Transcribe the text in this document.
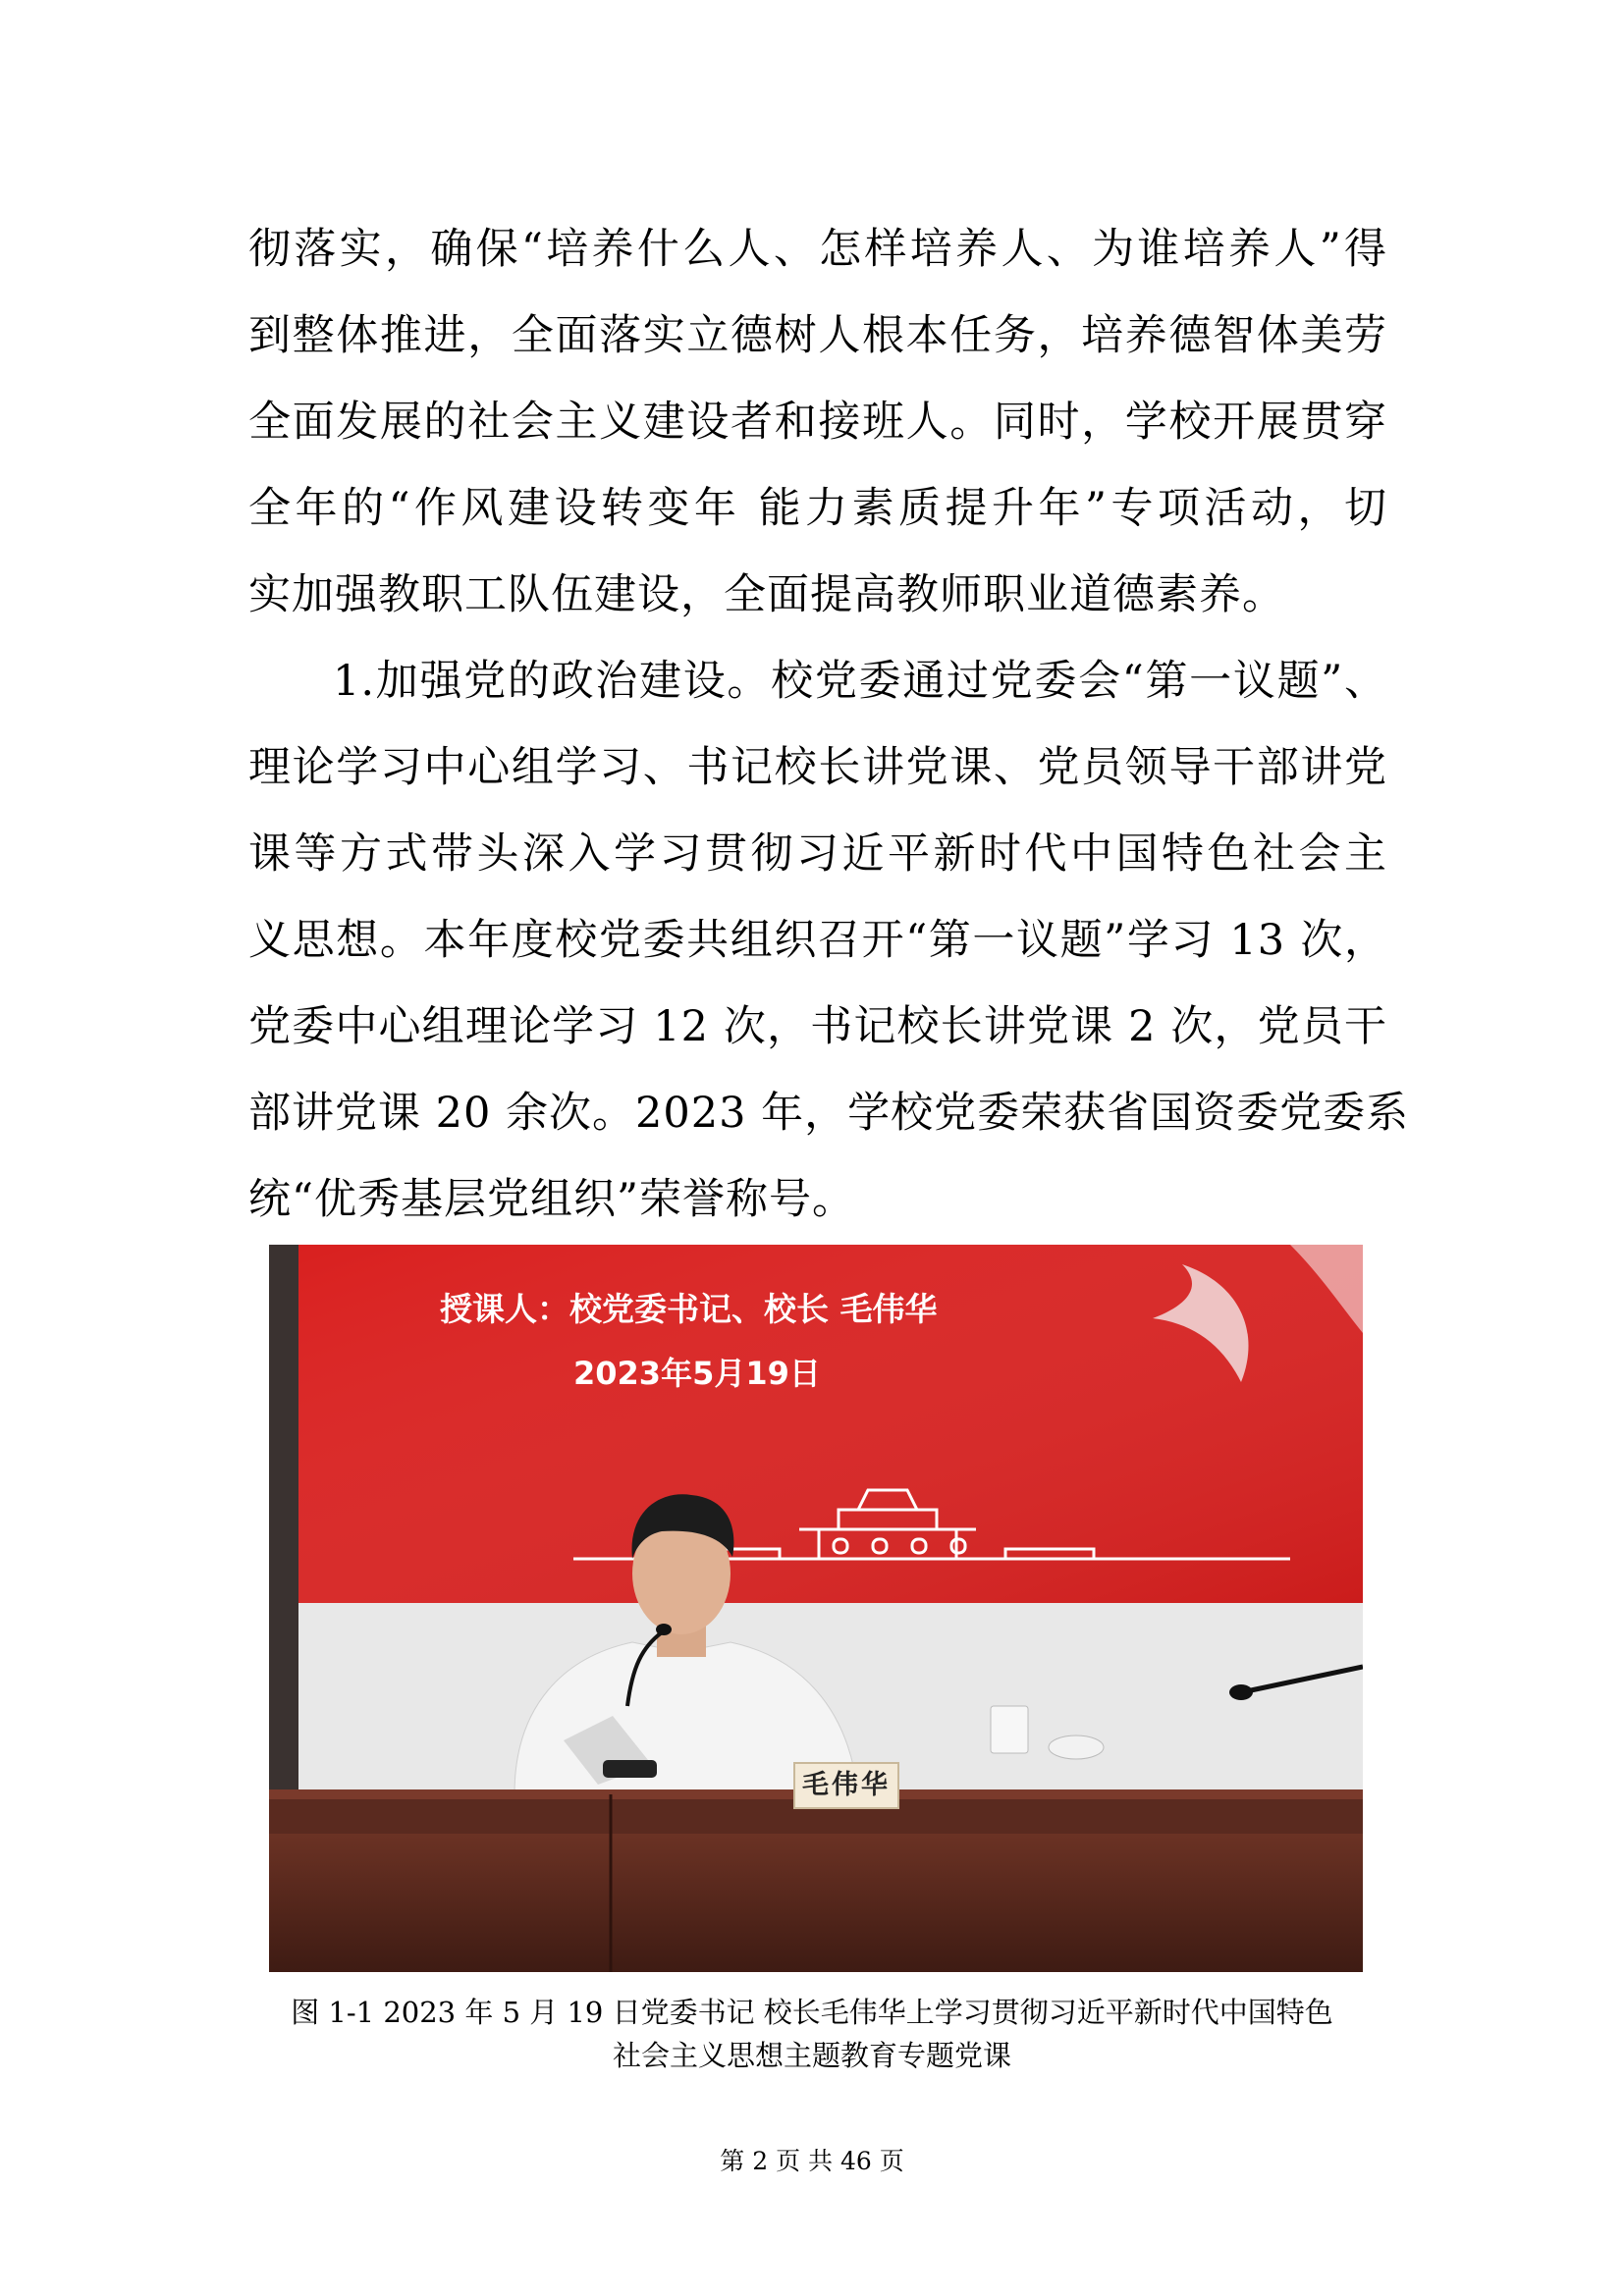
彻落实，确保“培养什么人、怎样培养人、为谁培养人”得
到整体推进，全面落实立德树人根本任务，培养德智体美劳
全面发展的社会主义建设者和接班人。同时，学校开展贯穿
全年的“作风建设转变年 能力素质提升年”专项活动，切
实加强教职工队伍建设，全面提高教师职业道德素养。
1.加强党的政治建设。校党委通过党委会“第一议题”、
理论学习中心组学习、书记校长讲党课、党员领导干部讲党
课等方式带头深入学习贯彻习近平新时代中国特色社会主
义思想。本年度校党委共组织召开“第一议题”学习 13 次，
党委中心组理论学习 12 次，书记校长讲党课 2 次，党员干
部讲党课 20 余次。2023 年，学校党委荣获省国资委党委系
统“优秀基层党组织”荣誉称号。
授课人：校党委书记、校长 毛伟华
2023年5月19日
毛伟华
图 1-1 2023 年 5 月 19 日党委书记 校长毛伟华上学习贯彻习近平新时代中国特色
社会主义思想主题教育专题党课
第 2 页 共 46 页
